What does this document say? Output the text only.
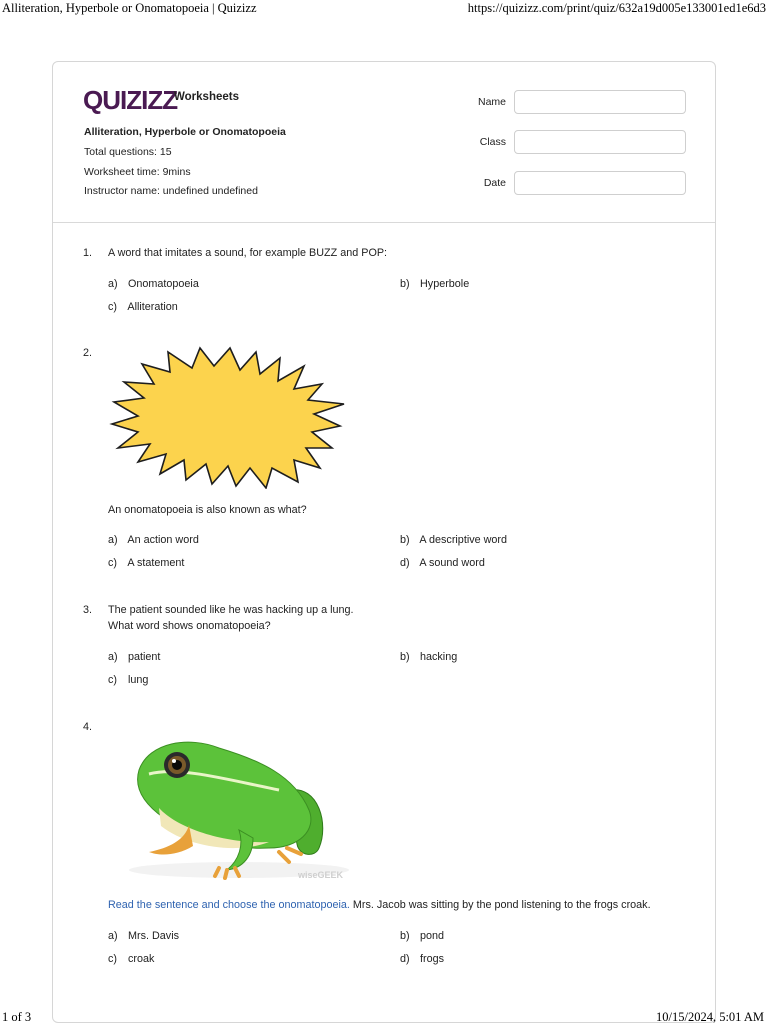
Alliteration, Hyperbole or Onomatopoeia | Quizizz	https://quizizz.com/print/quiz/632a19d005e133001ed1e6d3
QUIZIZZ
Worksheets
Alliteration, Hyperbole or Onomatopoeia
Total questions: 15
Worksheet time: 9mins
Instructor name: undefined undefined
Name
Class
Date
1. A word that imitates a sound, for example BUZZ and POP:
a) Onomatopoeia	b) Hyperbole
c) Alliteration
2.
An onomatopoeia is also known as what?
a) An action word	b) A descriptive word
c) A statement	d) A sound word
3. The patient sounded like he was hacking up a lung.
What word shows onomatopoeia?
a) patient	b) hacking
c) lung
4.
wiseGEEK
Read the sentence and choose the onomatopoeia. Mrs. Jacob was sitting by the pond listening to the frogs croak.
a) Mrs. Davis	b) pond
c) croak	d) frogs
1 of 3	10/15/2024, 5:01 AM
